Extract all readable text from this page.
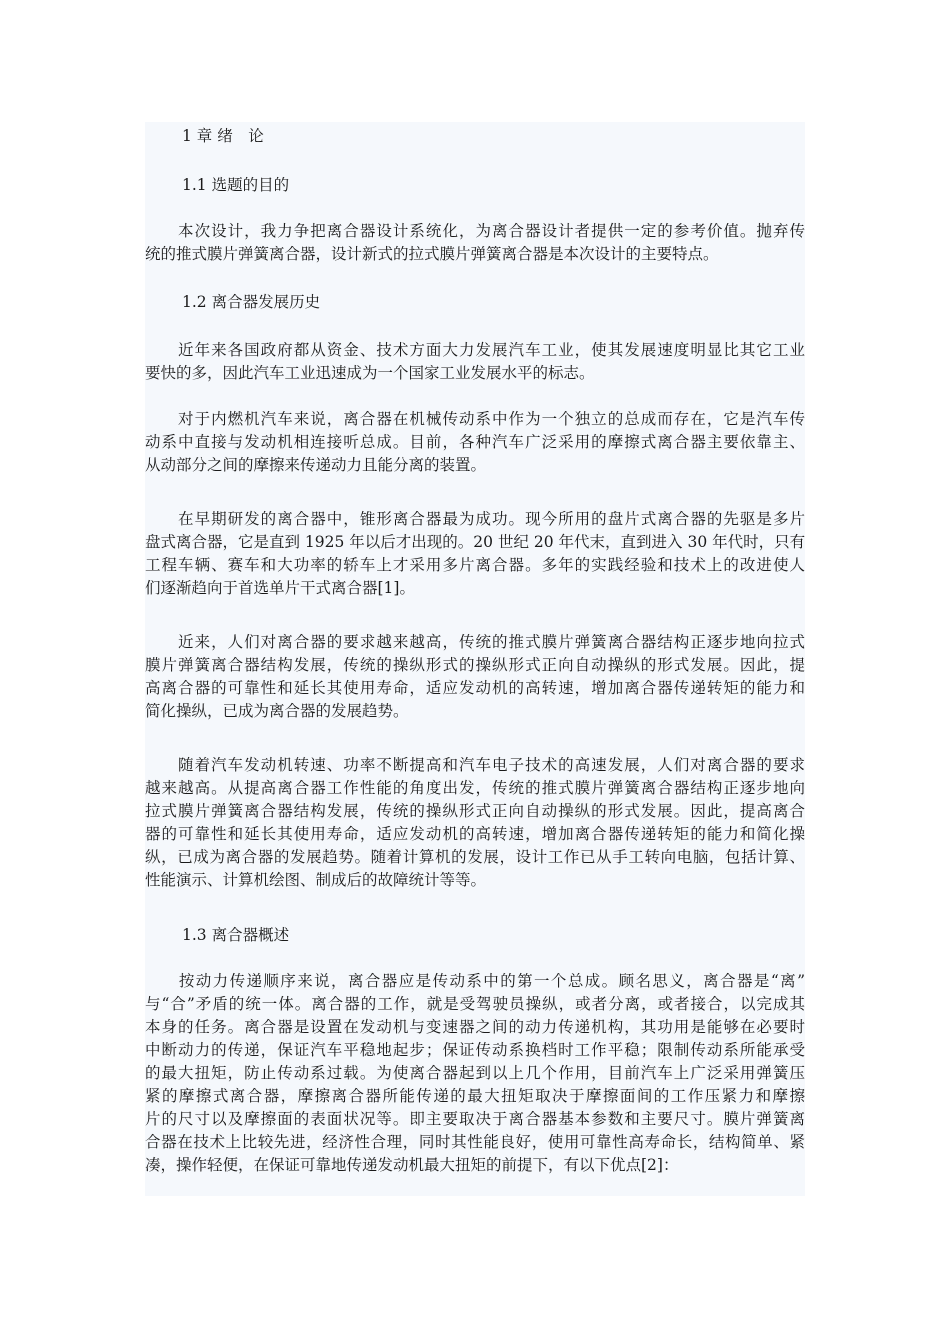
1 章 绪　论
1.1 选题的目的
　　本次设计，我力争把离合器设计系统化，为离合器设计者提供一定的参考价值。抛弃传
统的推式膜片弹簧离合器，设计新式的拉式膜片弹簧离合器是本次设计的主要特点。
1.2 离合器发展历史
　　近年来各国政府都从资金、技术方面大力发展汽车工业，使其发展速度明显比其它工业
要快的多，因此汽车工业迅速成为一个国家工业发展水平的标志。
　　对于内燃机汽车来说，离合器在机械传动系中作为一个独立的总成而存在，它是汽车传
动系中直接与发动机相连接听总成。目前，各种汽车广泛采用的摩擦式离合器主要依靠主、
从动部分之间的摩擦来传递动力且能分离的装置。
　　在早期研发的离合器中，锥形离合器最为成功。现今所用的盘片式离合器的先驱是多片
盘式离合器，它是直到 1925 年以后才出现的。20 世纪 20 年代末，直到进入 30 年代时，只有
工程车辆、赛车和大功率的轿车上才采用多片离合器。多年的实践经验和技术上的改进使人
们逐渐趋向于首选单片干式离合器[1]。
　　近来，人们对离合器的要求越来越高，传统的推式膜片弹簧离合器结构正逐步地向拉式
膜片弹簧离合器结构发展，传统的操纵形式的操纵形式正向自动操纵的形式发展。因此，提
高离合器的可靠性和延长其使用寿命，适应发动机的高转速，增加离合器传递转矩的能力和
简化操纵，已成为离合器的发展趋势。
　　随着汽车发动机转速、功率不断提高和汽车电子技术的高速发展，人们对离合器的要求
越来越高。从提高离合器工作性能的角度出发，传统的推式膜片弹簧离合器结构正逐步地向
拉式膜片弹簧离合器结构发展，传统的操纵形式正向自动操纵的形式发展。因此，提高离合
器的可靠性和延长其使用寿命，适应发动机的高转速，增加离合器传递转矩的能力和简化操
纵，已成为离合器的发展趋势。随着计算机的发展，设计工作已从手工转向电脑，包括计算、
性能演示、计算机绘图、制成后的故障统计等等。
1.3 离合器概述
　　按动力传递顺序来说，离合器应是传动系中的第一个总成。顾名思义，离合器是“离”
与“合”矛盾的统一体。离合器的工作，就是受驾驶员操纵，或者分离，或者接合，以完成其
本身的任务。离合器是设置在发动机与变速器之间的动力传递机构，其功用是能够在必要时
中断动力的传递，保证汽车平稳地起步；保证传动系换档时工作平稳；限制传动系所能承受
的最大扭矩，防止传动系过载。为使离合器起到以上几个作用，目前汽车上广泛采用弹簧压
紧的摩擦式离合器，摩擦离合器所能传递的最大扭矩取决于摩擦面间的工作压紧力和摩擦
片的尺寸以及摩擦面的表面状况等。即主要取决于离合器基本参数和主要尺寸。膜片弹簧离
合器在技术上比较先进，经济性合理，同时其性能良好，使用可靠性高寿命长，结构简单、紧
凑，操作轻便，在保证可靠地传递发动机最大扭矩的前提下，有以下优点[2]：
